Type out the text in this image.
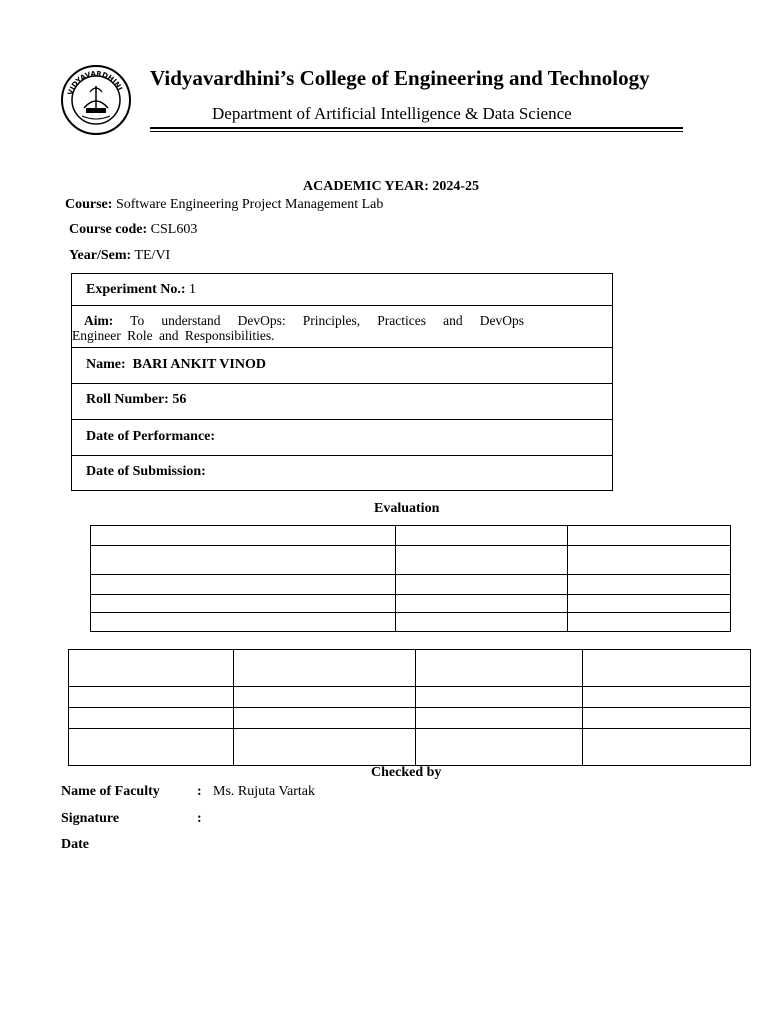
VIDYAVARDHINI Vidyavardhini’s College of Engineering and Technology
Department of Artificial Intelligence & Data Science
ACADEMIC YEAR: 2024-25
Course: Software Engineering Project Management Lab
Course code: CSL603
Year/Sem: TE/VI
Experiment No.: 1
Aim: To understand DevOps: Principles, Practices and DevOps
Engineer Role and Responsibilities.
Name: BARI ANKIT VINOD
Roll Number: 56
Date of Performance:
Date of Submission:
Evaluation

Checked by
Name of Faculty	: Ms. Rujuta Vartak
Signature	:
Date
